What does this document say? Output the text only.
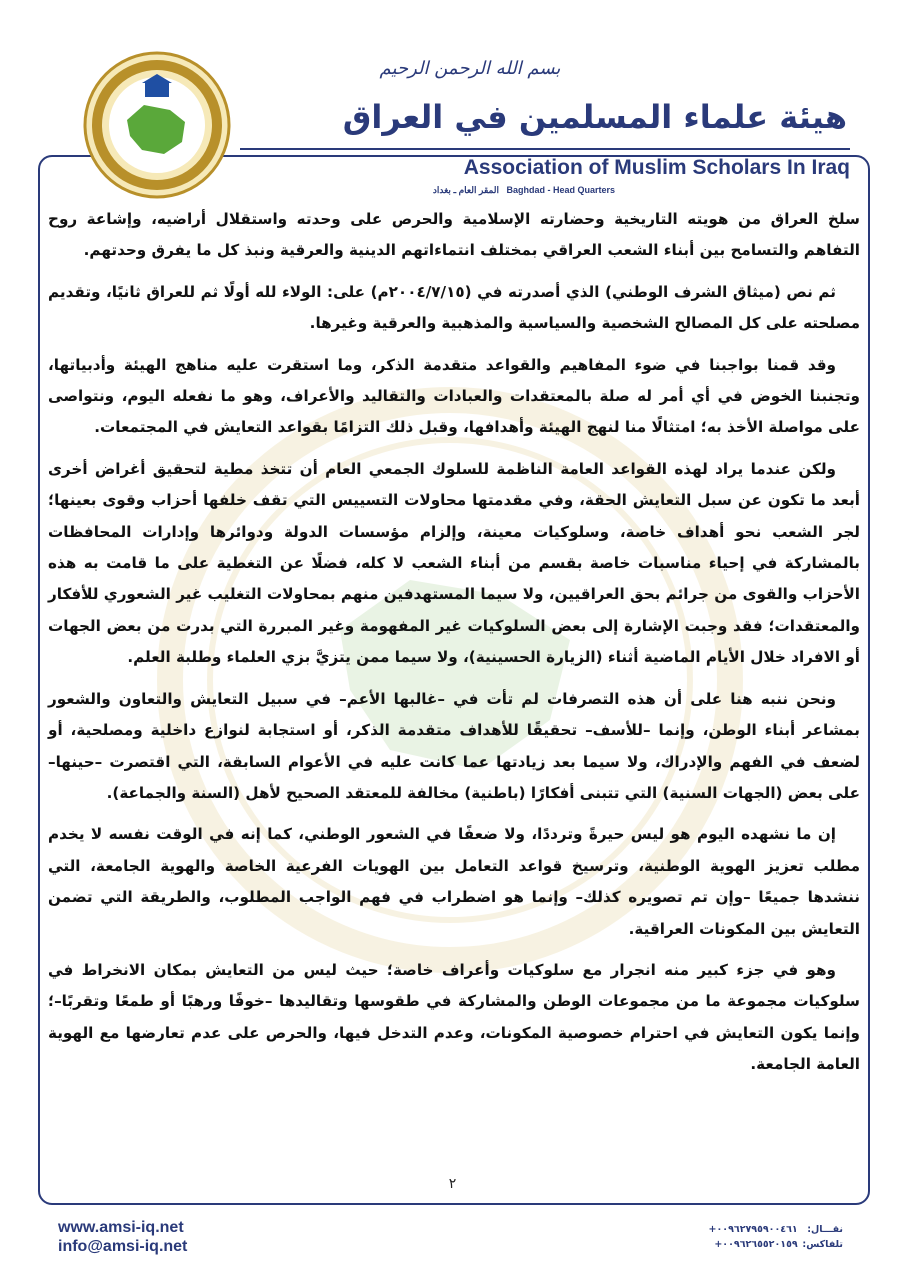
بسم الله الرحمن الرحيم
هيئة علماء المسلمين في العراق
Association of Muslim Scholars In Iraq
المقر العام ـ بغداد Baghdad - Head Quarters

سلخ العراق من هويته التاريخية وحضارته الإسلامية والحرص على وحدته واستقلال أراضيه، وإشاعة روح التفاهم والتسامح بين أبناء الشعب العراقي بمختلف انتماءاتهم الدينية والعرقية ونبذ كل ما يفرق وحدتهم.

ثم نص (ميثاق الشرف الوطني) الذي أصدرته في (٢٠٠٤/٧/١٥م) على: الولاء لله أولًا ثم للعراق ثانيًا، وتقديم مصلحته على كل المصالح الشخصية والسياسية والمذهبية والعرقية وغيرها.

وقد قمنا بواجبنا في ضوء المفاهيم والقواعد متقدمة الذكر، وما استقرت عليه مناهج الهيئة وأدبياتها، وتجنبنا الخوض في أي أمر له صلة بالمعتقدات والعبادات والتقاليد والأعراف، وهو ما نفعله اليوم، ونتواصى على مواصلة الأخذ به؛ امتثالًا منا لنهج الهيئة وأهدافها، وقبل ذلك التزامًا بقواعد التعايش في المجتمعات.

ولكن عندما يراد لهذه القواعد العامة الناظمة للسلوك الجمعي العام أن تتخذ مطية لتحقيق أغراض أخرى أبعد ما تكون عن سبل التعايش الحقة، وفي مقدمتها محاولات التسييس التي تقف خلفها أحزاب وقوى بعينها؛ لجر الشعب نحو أهداف خاصة، وسلوكيات معينة، وإلزام مؤسسات الدولة ودوائرها وإدارات المحافظات بالمشاركة في إحياء مناسبات خاصة بقسم من أبناء الشعب لا كله، فضلًا عن التغطية على ما قامت به هذه الأحزاب والقوى من جرائم بحق العراقيين، ولا سيما المستهدفين منهم بمحاولات التغليب غير الشعوري للأفكار والمعتقدات؛ فقد وجبت الإشارة إلى بعض السلوكيات غير المفهومة وغير المبررة التي بدرت من بعض الجهات أو الافراد خلال الأيام الماضية أثناء (الزيارة الحسينية)، ولا سيما ممن يتزيَّ بزي العلماء وطلبة العلم.

ونحن ننبه هنا على أن هذه التصرفات لم تأت في –غالبها الأعم– في سبيل التعايش والتعاون والشعور بمشاعر أبناء الوطن، وإنما –للأسف– تحقيقًا للأهداف متقدمة الذكر، أو استجابة لنوازع داخلية ومصلحية، أو لضعف في الفهم والإدراك، ولا سيما بعد زيادتها عما كانت عليه في الأعوام السابقة، التي اقتصرت –حينها– على بعض (الجهات السنية) التي تتبنى أفكارًا (باطنية) مخالفة للمعتقد الصحيح لأهل (السنة والجماعة).

إن ما نشهده اليوم هو ليس حيرةً وترددًا، ولا ضعفًا في الشعور الوطني، كما إنه في الوقت نفسه لا يخدم مطلب تعزيز الهوية الوطنية، وترسيخ قواعد التعامل بين الهويات الفرعية الخاصة والهوية الجامعة، التي ننشدها جميعًا –وإن تم تصويره كذلك– وإنما هو اضطراب في فهم الواجب المطلوب، والطريقة التي تضمن التعايش بين المكونات العراقية.

وهو في جزء كبير منه انجرار مع سلوكيات وأعراف خاصة؛ حيث ليس من التعايش بمكان الانخراط في سلوكيات مجموعة ما من مجموعات الوطن والمشاركة في طقوسها وتقاليدها –خوفًا ورهبًا أو طمعًا وتقربًا–؛ وإنما يكون التعايش في احترام خصوصية المكونات، وعدم التدخل فيها، والحرص على عدم تعارضها مع الهوية العامة الجامعة.

٢
www.amsi-iq.net
info@amsi-iq.net
نقـــال: ٠٠٩٦٢٧٩٥٩٠٠٤٦١+
تلفاكس: ٠٠٩٦٢٦٥٥٢٠١٥٩+
